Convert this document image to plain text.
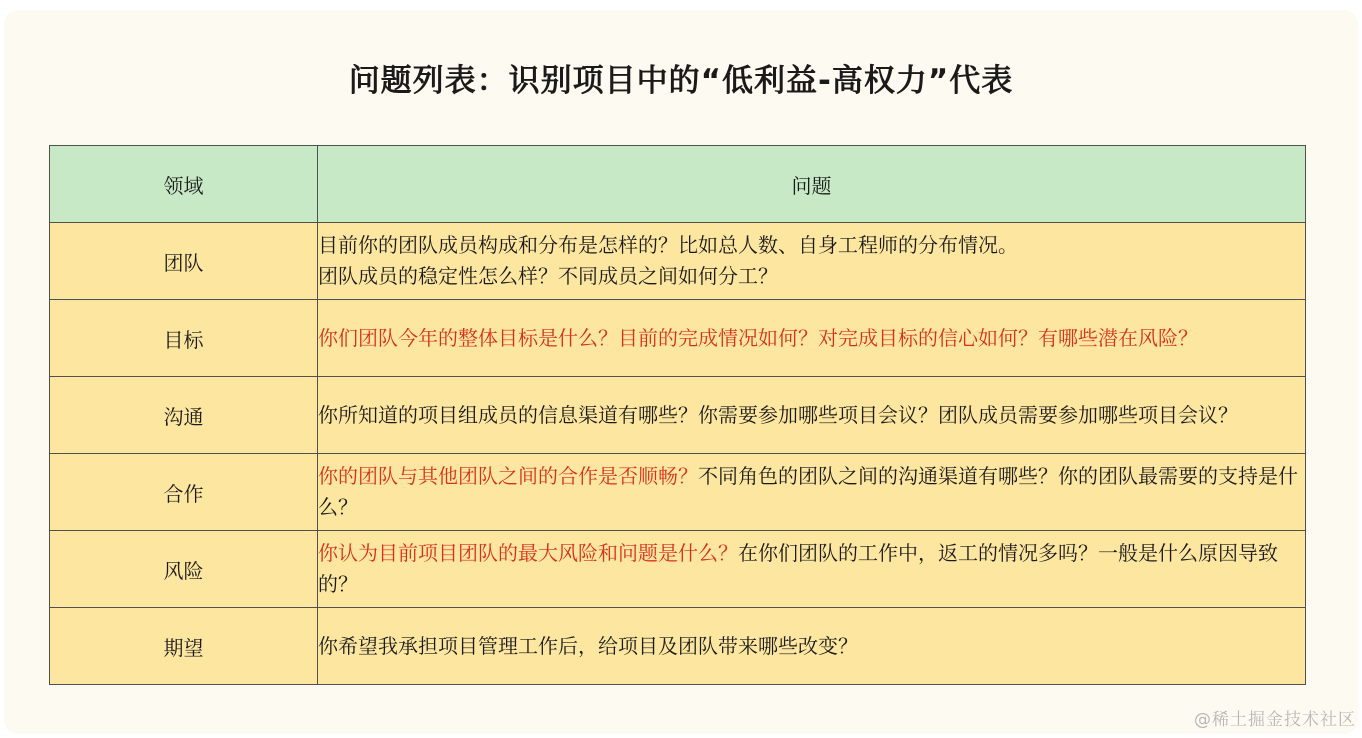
问题列表：识别项目中的“低利益-高权力”代表
领域	问题
团队	目前你的团队成员构成和分布是怎样的？比如总人数、自身工程师的分布情况。
团队成员的稳定性怎么样？不同成员之间如何分工？
目标	你们团队今年的整体目标是什么？目前的完成情况如何？对完成目标的信心如何？有哪些潜在风险？
沟通	你所知道的项目组成员的信息渠道有哪些？你需要参加哪些项目会议？团队成员需要参加哪些项目会议？
合作	你的团队与其他团队之间的合作是否顺畅？不同角色的团队之间的沟通渠道有哪些？你的团队最需要的支持是什么？
风险	你认为目前项目团队的最大风险和问题是什么？在你们团队的工作中，返工的情况多吗？一般是什么原因导致的？
期望	你希望我承担项目管理工作后，给项目及团队带来哪些改变？
@稀土掘金技术社区
